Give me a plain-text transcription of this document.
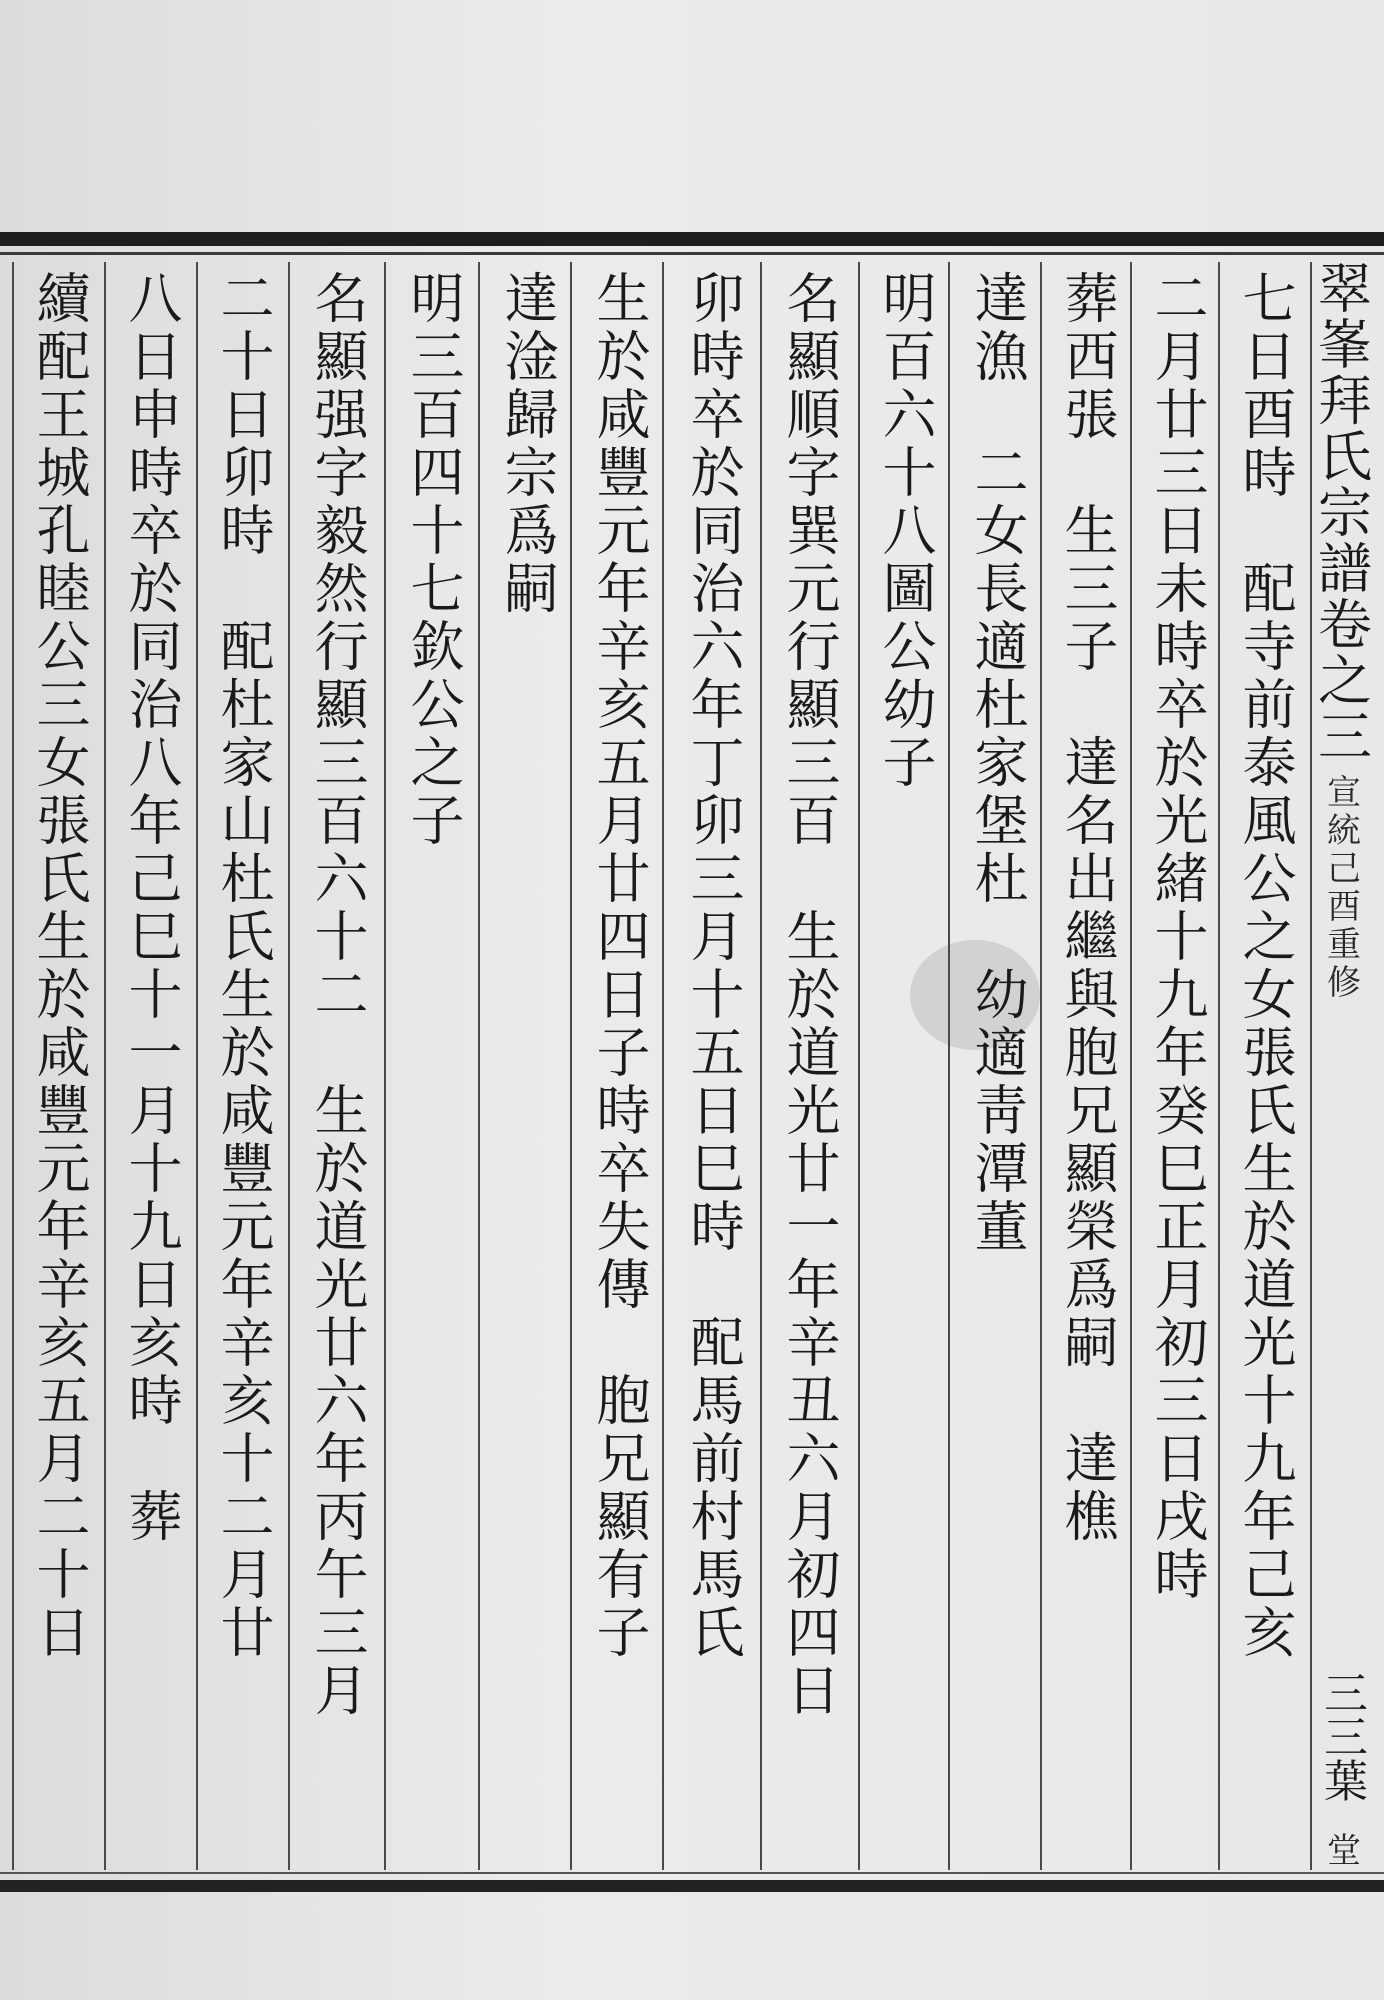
翠峯拜氏宗譜
卷之三
宣統己酉重修
三三葉
堂
七日酉時　配寺前泰風公之女張氏生於道光十九年己亥
二月廿三日未時卒於光緒十九年癸巳正月初三日戌時
葬西張　生三子　達名出繼與胞兄顯榮爲嗣　達樵
達漁　二女長適杜家堡杜　幼適靑潭董
明百六十八圖公幼子
名顯順字巽元行顯三百　生於道光廿一年辛丑六月初四日
卯時卒於同治六年丁卯三月十五日巳時　配馬前村馬氏
生於咸豐元年辛亥五月廿四日子時卒失傳　胞兄顯有子
達淦歸宗爲嗣
明三百四十七欽公之子
名顯强字毅然行顯三百六十二　生於道光廿六年丙午三月
二十日卯時　配杜家山杜氏生於咸豐元年辛亥十二月廿
八日申時卒於同治八年己巳十一月十九日亥時　葬
續配王城孔睦公三女張氏生於咸豐元年辛亥五月二十日
